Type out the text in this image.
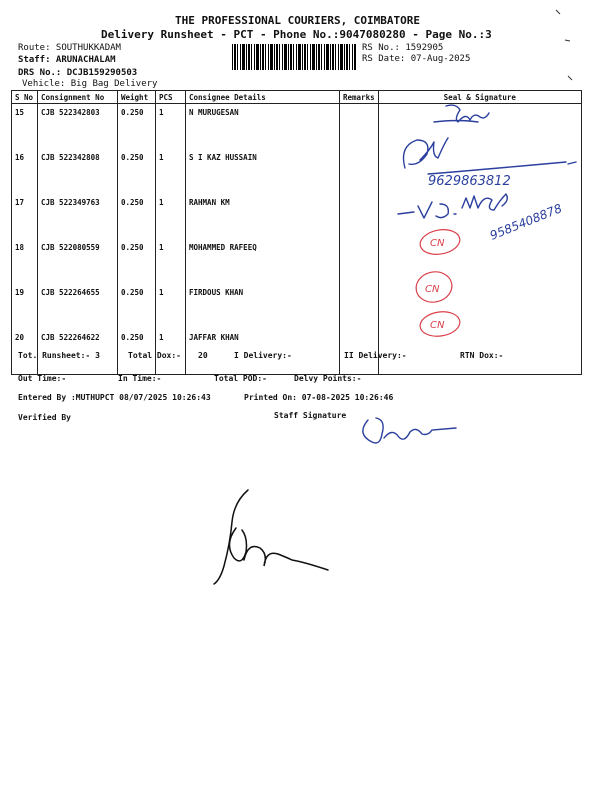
THE PROFESSIONAL COURIERS, COIMBATORE
Delivery Runsheet - PCT - Phone No.:9047080280 - Page No.:3
Route: SOUTHUKKADAM
Staff: ARUNACHALAM
DRS No.: DCJB159290503
Vehicle: Big Bag Delivery
RS No.: 1592905
RS Date: 07-Aug-2025
S No	Consignment No	Weight	PCS	Consignee Details	Remarks	Seal & Signature
15	CJB 522342803	0.250	1	N MURUGESAN		
16	CJB 522342808	0.250	1	S I KAZ HUSSAIN		
17	CJB 522349763	0.250	1	RAHMAN KM		
18	CJB 522080559	0.250	1	MOHAMMED RAFEEQ		
19	CJB 522264655	0.250	1	FIRDOUS KHAN		
20	CJB 522264622	0.250	1	JAFFAR KHAN		
Tot. Runsheet:- 3	Total Dox:- 20	I Delivery:-	II Delivery:-	RTN Dox:-
Out Time:-	In Time:-	Total POD:-	Delvy Points:-
Entered By :MUTHUPCT 08/07/2025 10:26:43	Printed On: 07-08-2025 10:26:46
Verified By	Staff Signature
9629863812
9585408878
CN
CN
CN
